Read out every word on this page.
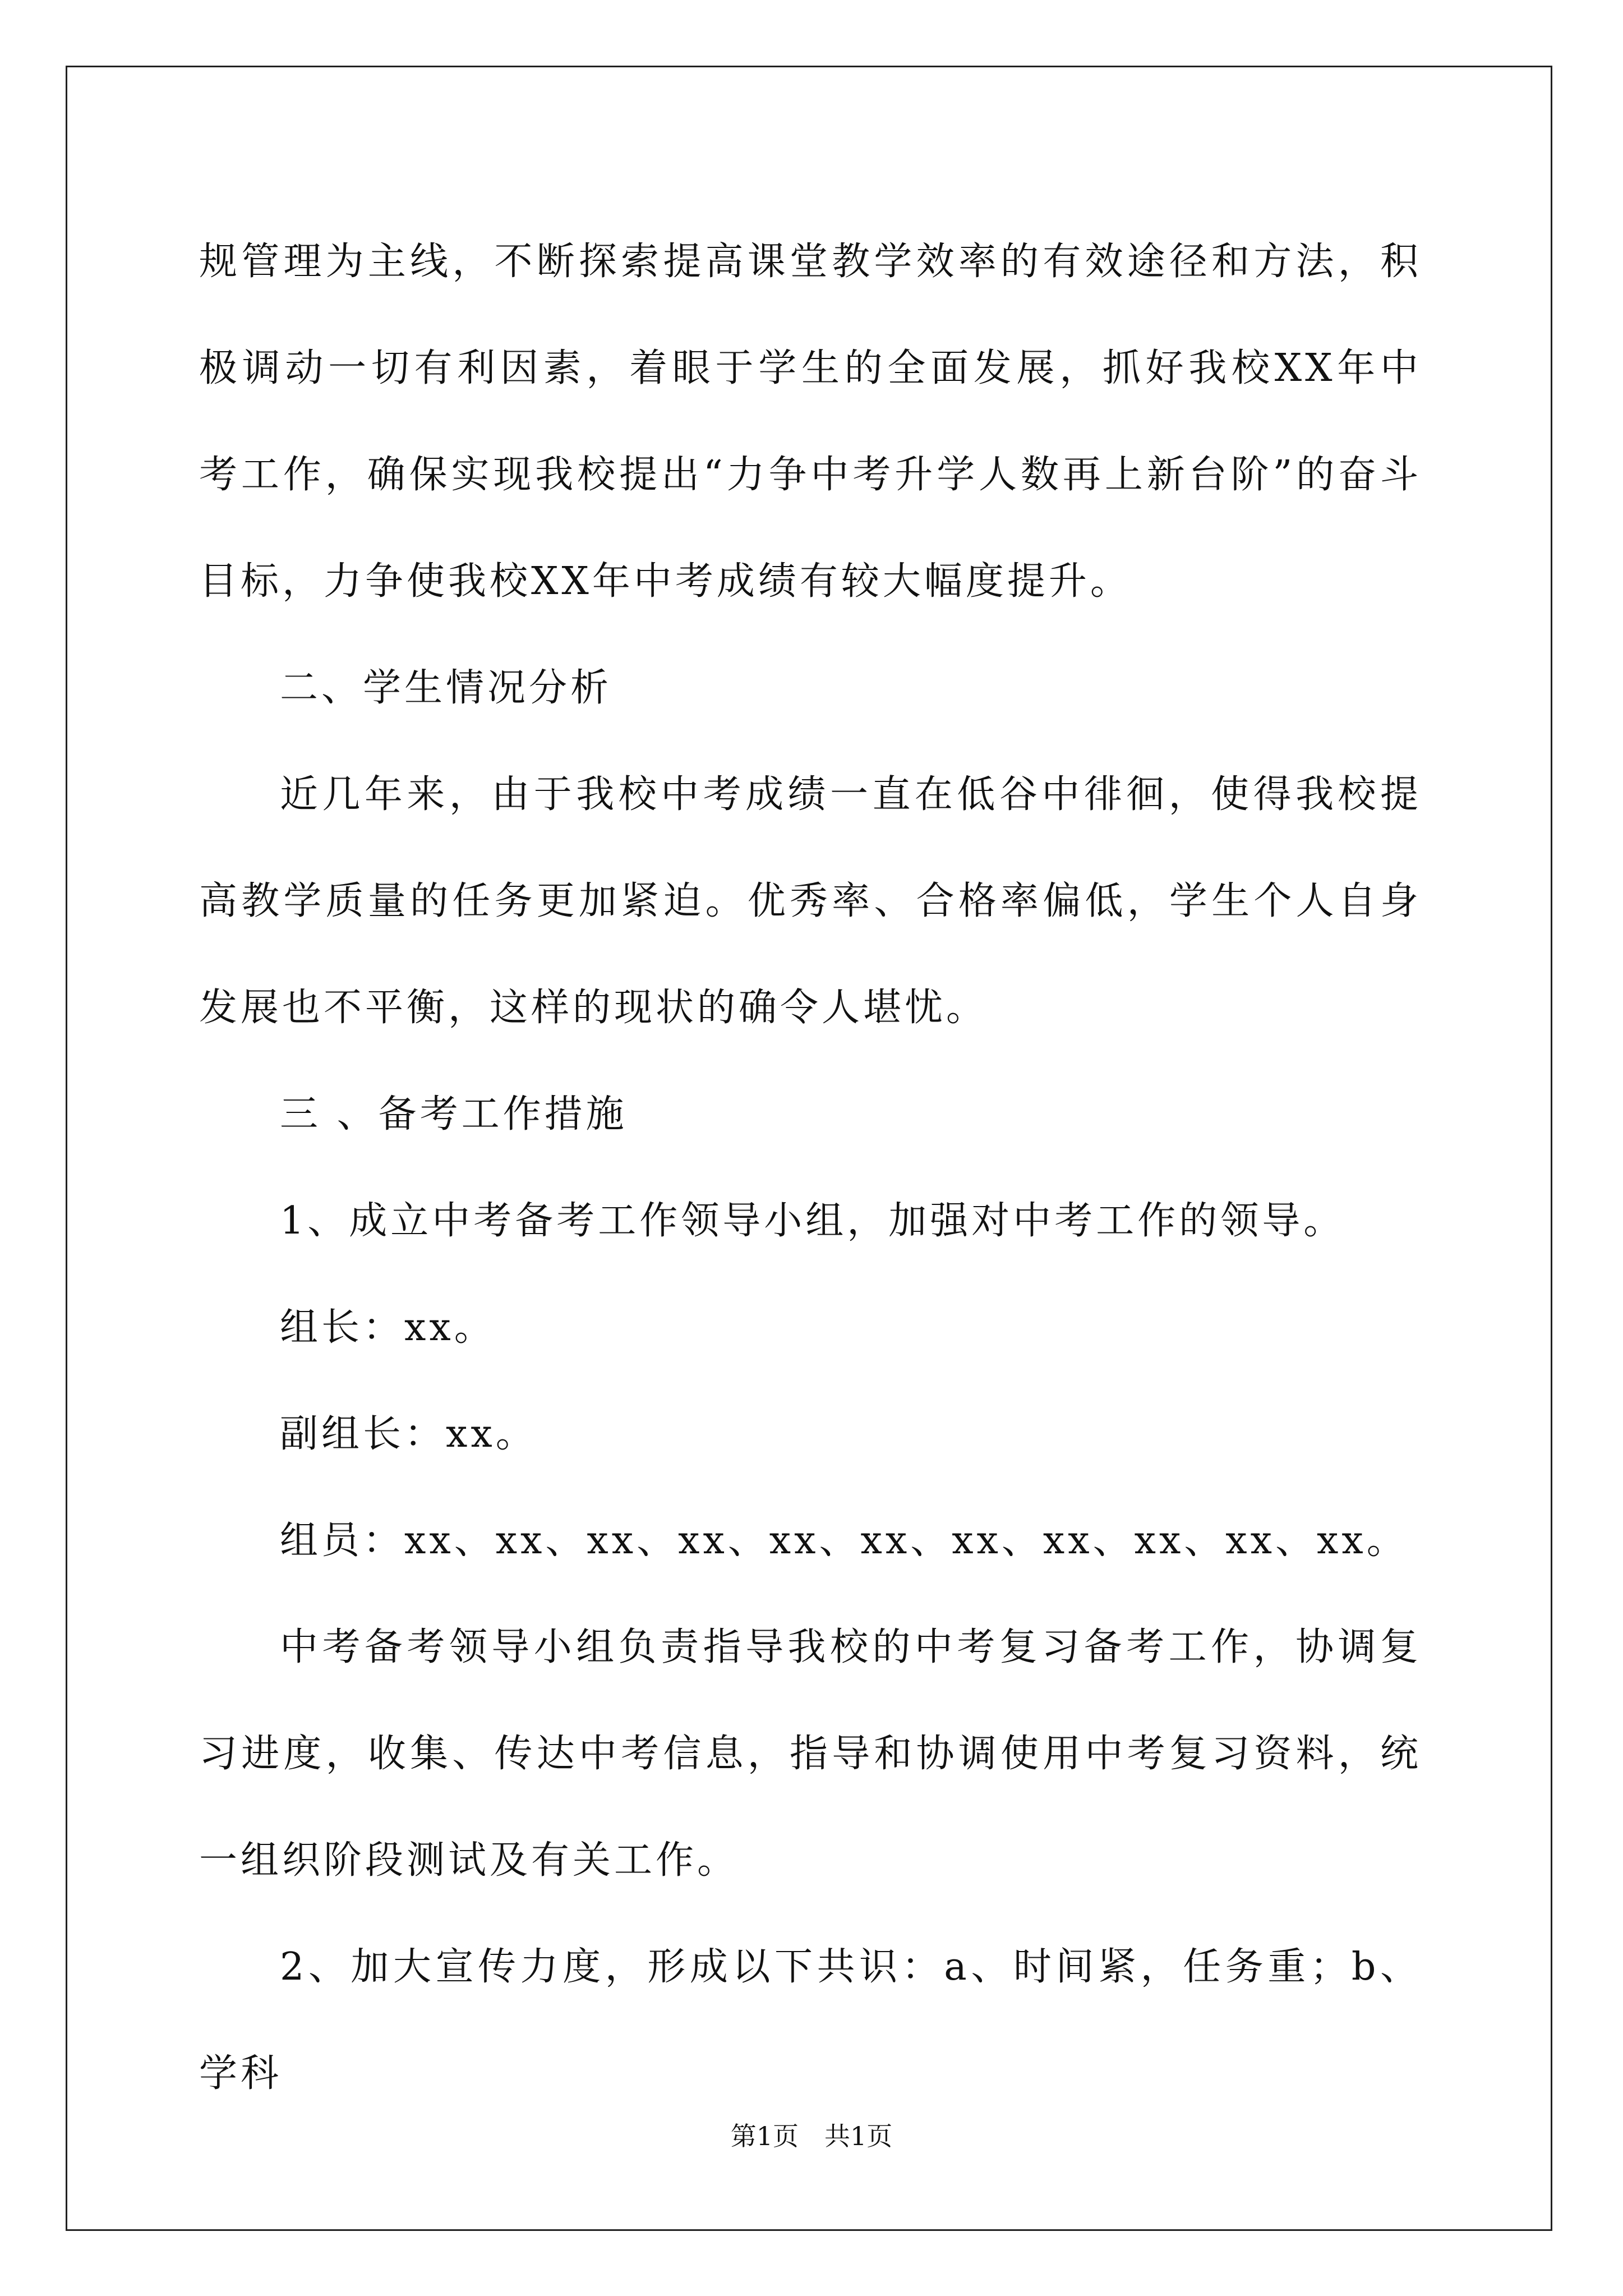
规管理为主线，不断探索提高课堂教学效率的有效途径和方法，积极调动一切有利因素，着眼于学生的全面发展，抓好我校XX年中考工作，确保实现我校提出“力争中考升学人数再上新台阶”的奋斗目标，力争使我校XX年中考成绩有较大幅度提升。

二、学生情况分析

近几年来，由于我校中考成绩一直在低谷中徘徊，使得我校提高教学质量的任务更加紧迫。优秀率、合格率偏低，学生个人自身发展也不平衡，这样的现状的确令人堪忧。

三 、备考工作措施

1、成立中考备考工作领导小组，加强对中考工作的领导。

组长：xx。

副组长：xx。

组员：xx、xx、xx、xx、xx、xx、xx、xx、xx、xx、xx。

中考备考领导小组负责指导我校的中考复习备考工作，协调复习进度，收集、传达中考信息，指导和协调使用中考复习资料，统一组织阶段测试及有关工作。

2、加大宣传力度，形成以下共识：a、时间紧，任务重；b、学科

第1页　共1页
